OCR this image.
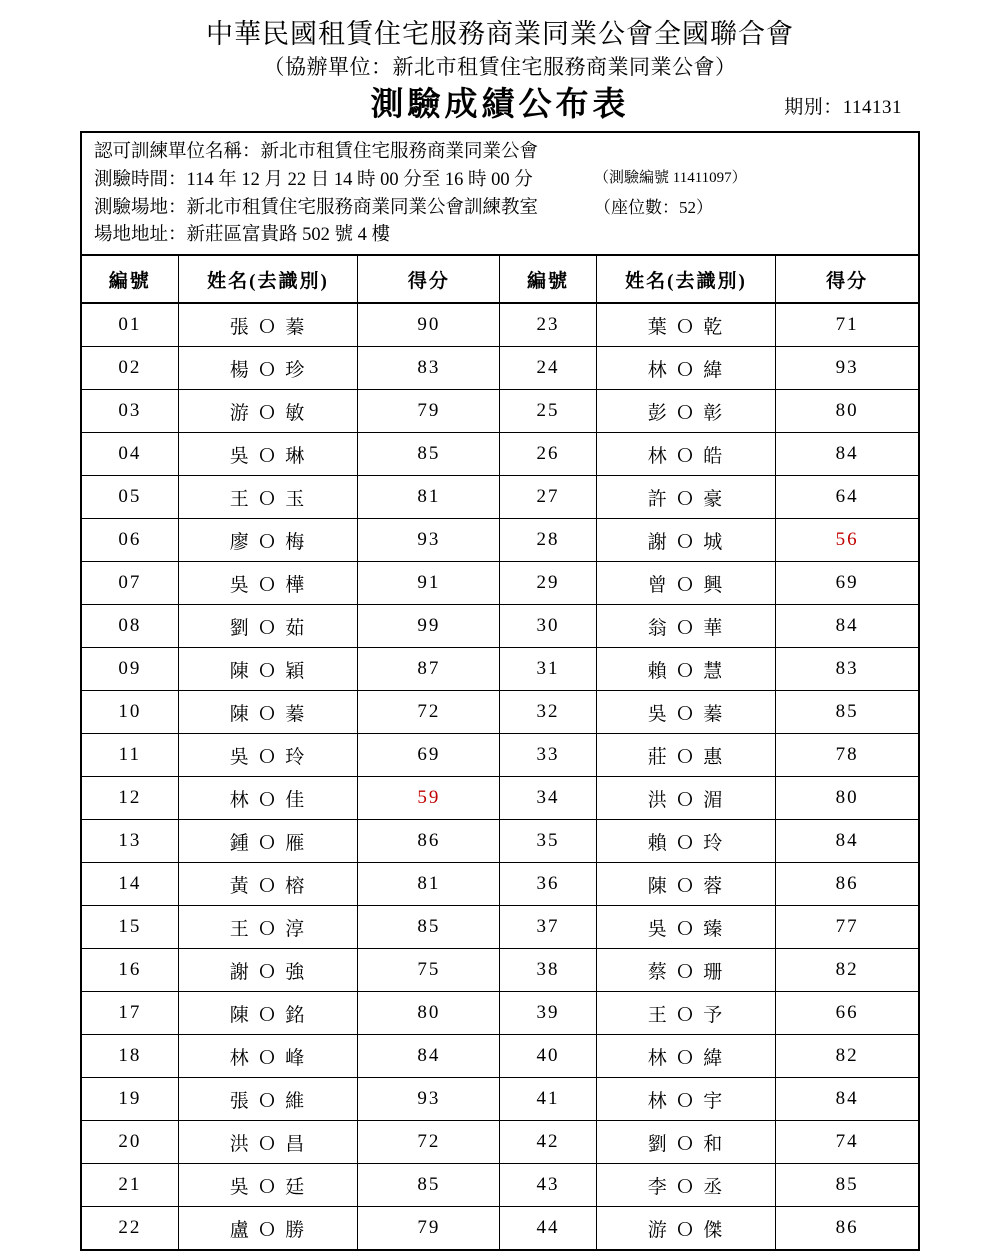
中華民國租賃住宅服務商業同業公會全國聯合會
（協辦單位：新北市租賃住宅服務商業同業公會）
測驗成績公布表	期別：114131
認可訓練單位名稱：新北市租賃住宅服務商業同業公會
測驗時間：114 年 12 月 22 日 14 時 00 分至 16 時 00 分	（測驗編號 11411097）
測驗場地：新北市租賃住宅服務商業同業公會訓練教室	（座位數：52）
場地地址：新莊區富貴路 502 號 4 樓
編號	姓名(去識別)	得分	編號	姓名(去識別)	得分
01	張 Ｏ 蓁	90	23	葉 Ｏ 乾	71
02	楊 Ｏ 珍	83	24	林 Ｏ 緯	93
03	游 Ｏ 敏	79	25	彭 Ｏ 彰	80
04	吳 Ｏ 琳	85	26	林 Ｏ 皓	84
05	王 Ｏ 玉	81	27	許 Ｏ 豪	64
06	廖 Ｏ 梅	93	28	謝 Ｏ 城	56
07	吳 Ｏ 樺	91	29	曾 Ｏ 興	69
08	劉 Ｏ 茹	99	30	翁 Ｏ 華	84
09	陳 Ｏ 穎	87	31	賴 Ｏ 慧	83
10	陳 Ｏ 蓁	72	32	吳 Ｏ 蓁	85
11	吳 Ｏ 玲	69	33	莊 Ｏ 惠	78
12	林 Ｏ 佳	59	34	洪 Ｏ 湄	80
13	鍾 Ｏ 雁	86	35	賴 Ｏ 玲	84
14	黃 Ｏ 榕	81	36	陳 Ｏ 蓉	86
15	王 Ｏ 淳	85	37	吳 Ｏ 臻	77
16	謝 Ｏ 強	75	38	蔡 Ｏ 珊	82
17	陳 Ｏ 銘	80	39	王 Ｏ 予	66
18	林 Ｏ 峰	84	40	林 Ｏ 緯	82
19	張 Ｏ 維	93	41	林 Ｏ 宇	84
20	洪 Ｏ 昌	72	42	劉 Ｏ 和	74
21	吳 Ｏ 廷	85	43	李 Ｏ 丞	85
22	盧 Ｏ 勝	79	44	游 Ｏ 傑	86
